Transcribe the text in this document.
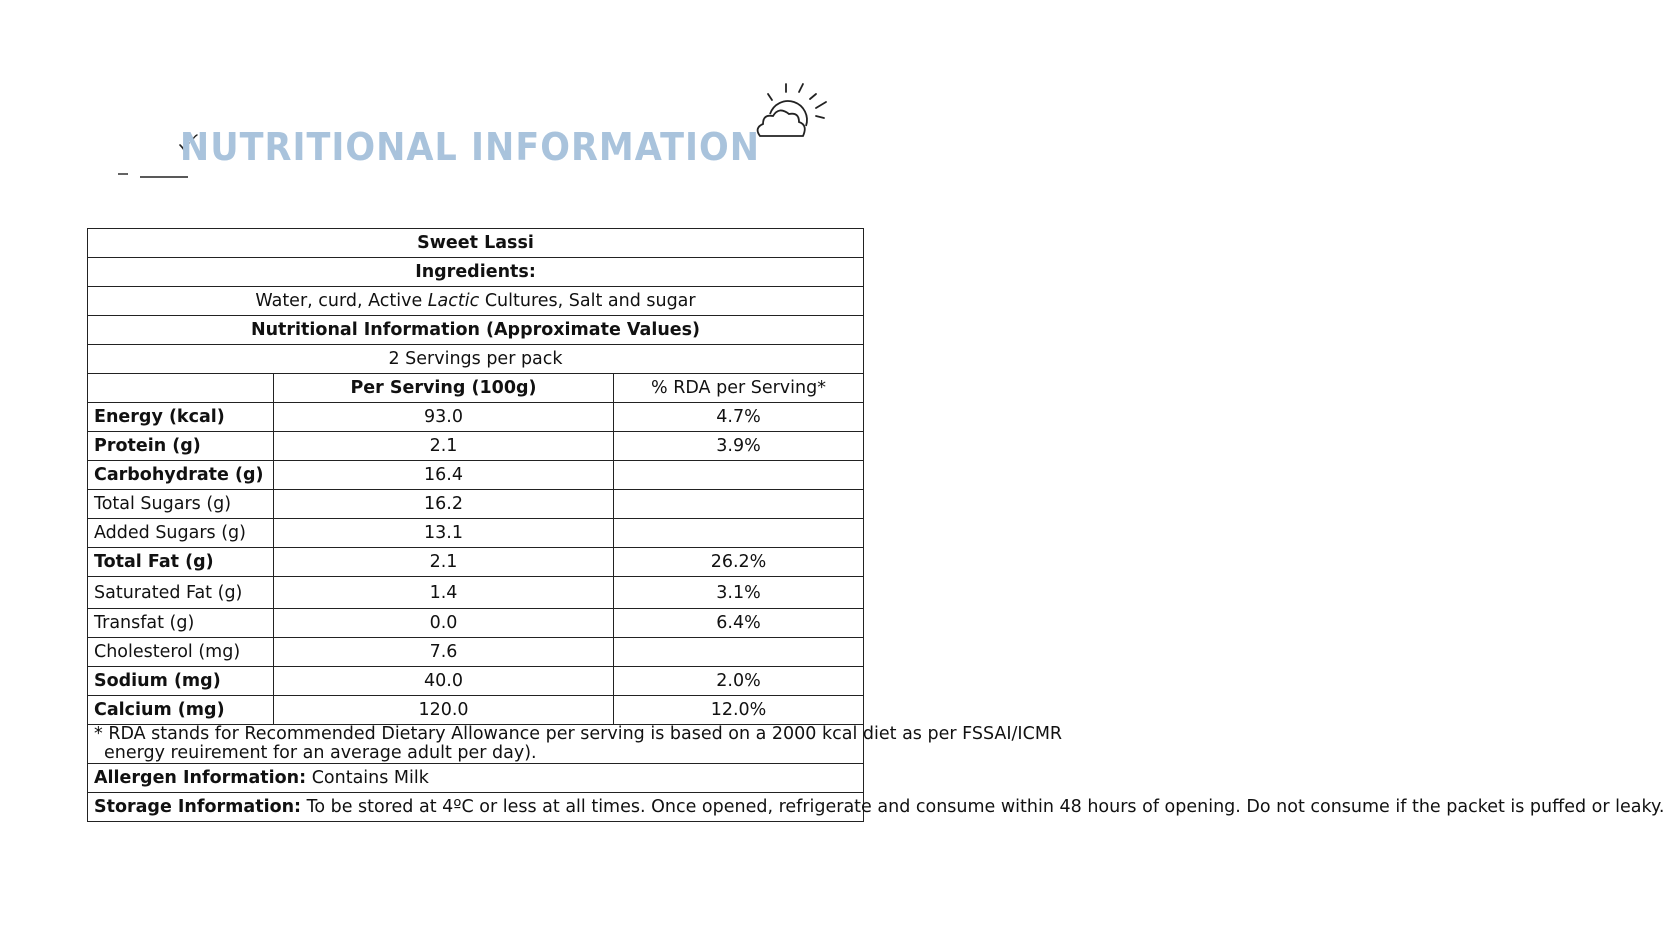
NUTRITIONAL INFORMATION
Sweet Lassi		
Ingredients:		
Water, curd, Active Lactic Cultures, Salt and sugar		
Nutritional Information (Approximate Values)		
2 Servings per pack		
	Per Serving (100g)	% RDA per Serving*
Energy (kcal)	93.0	4.7%
Protein (g)	2.1	3.9%
Carbohydrate (g)	16.4	
Total Sugars (g)	16.2	
Added Sugars (g)	13.1	
Total Fat (g)	2.1	26.2%
Saturated Fat (g)	1.4	3.1%
Transfat (g)	0.0	6.4%
Cholesterol (mg)	7.6	
Sodium (mg)	40.0	2.0%
Calcium (mg)	120.0	12.0%

* RDA stands for Recommended Dietary Allowance per serving is based on a 2000 kcal diet as per FSSAI/ICMR
energy reuirement for an average adult per day).		

Allergen Information: Contains Milk		
Storage Information: To be stored at 4ºC or less at all times. Once opened, refrigerate and consume within 48 hours of opening. Do not consume if the packet is puffed or leaky.		
